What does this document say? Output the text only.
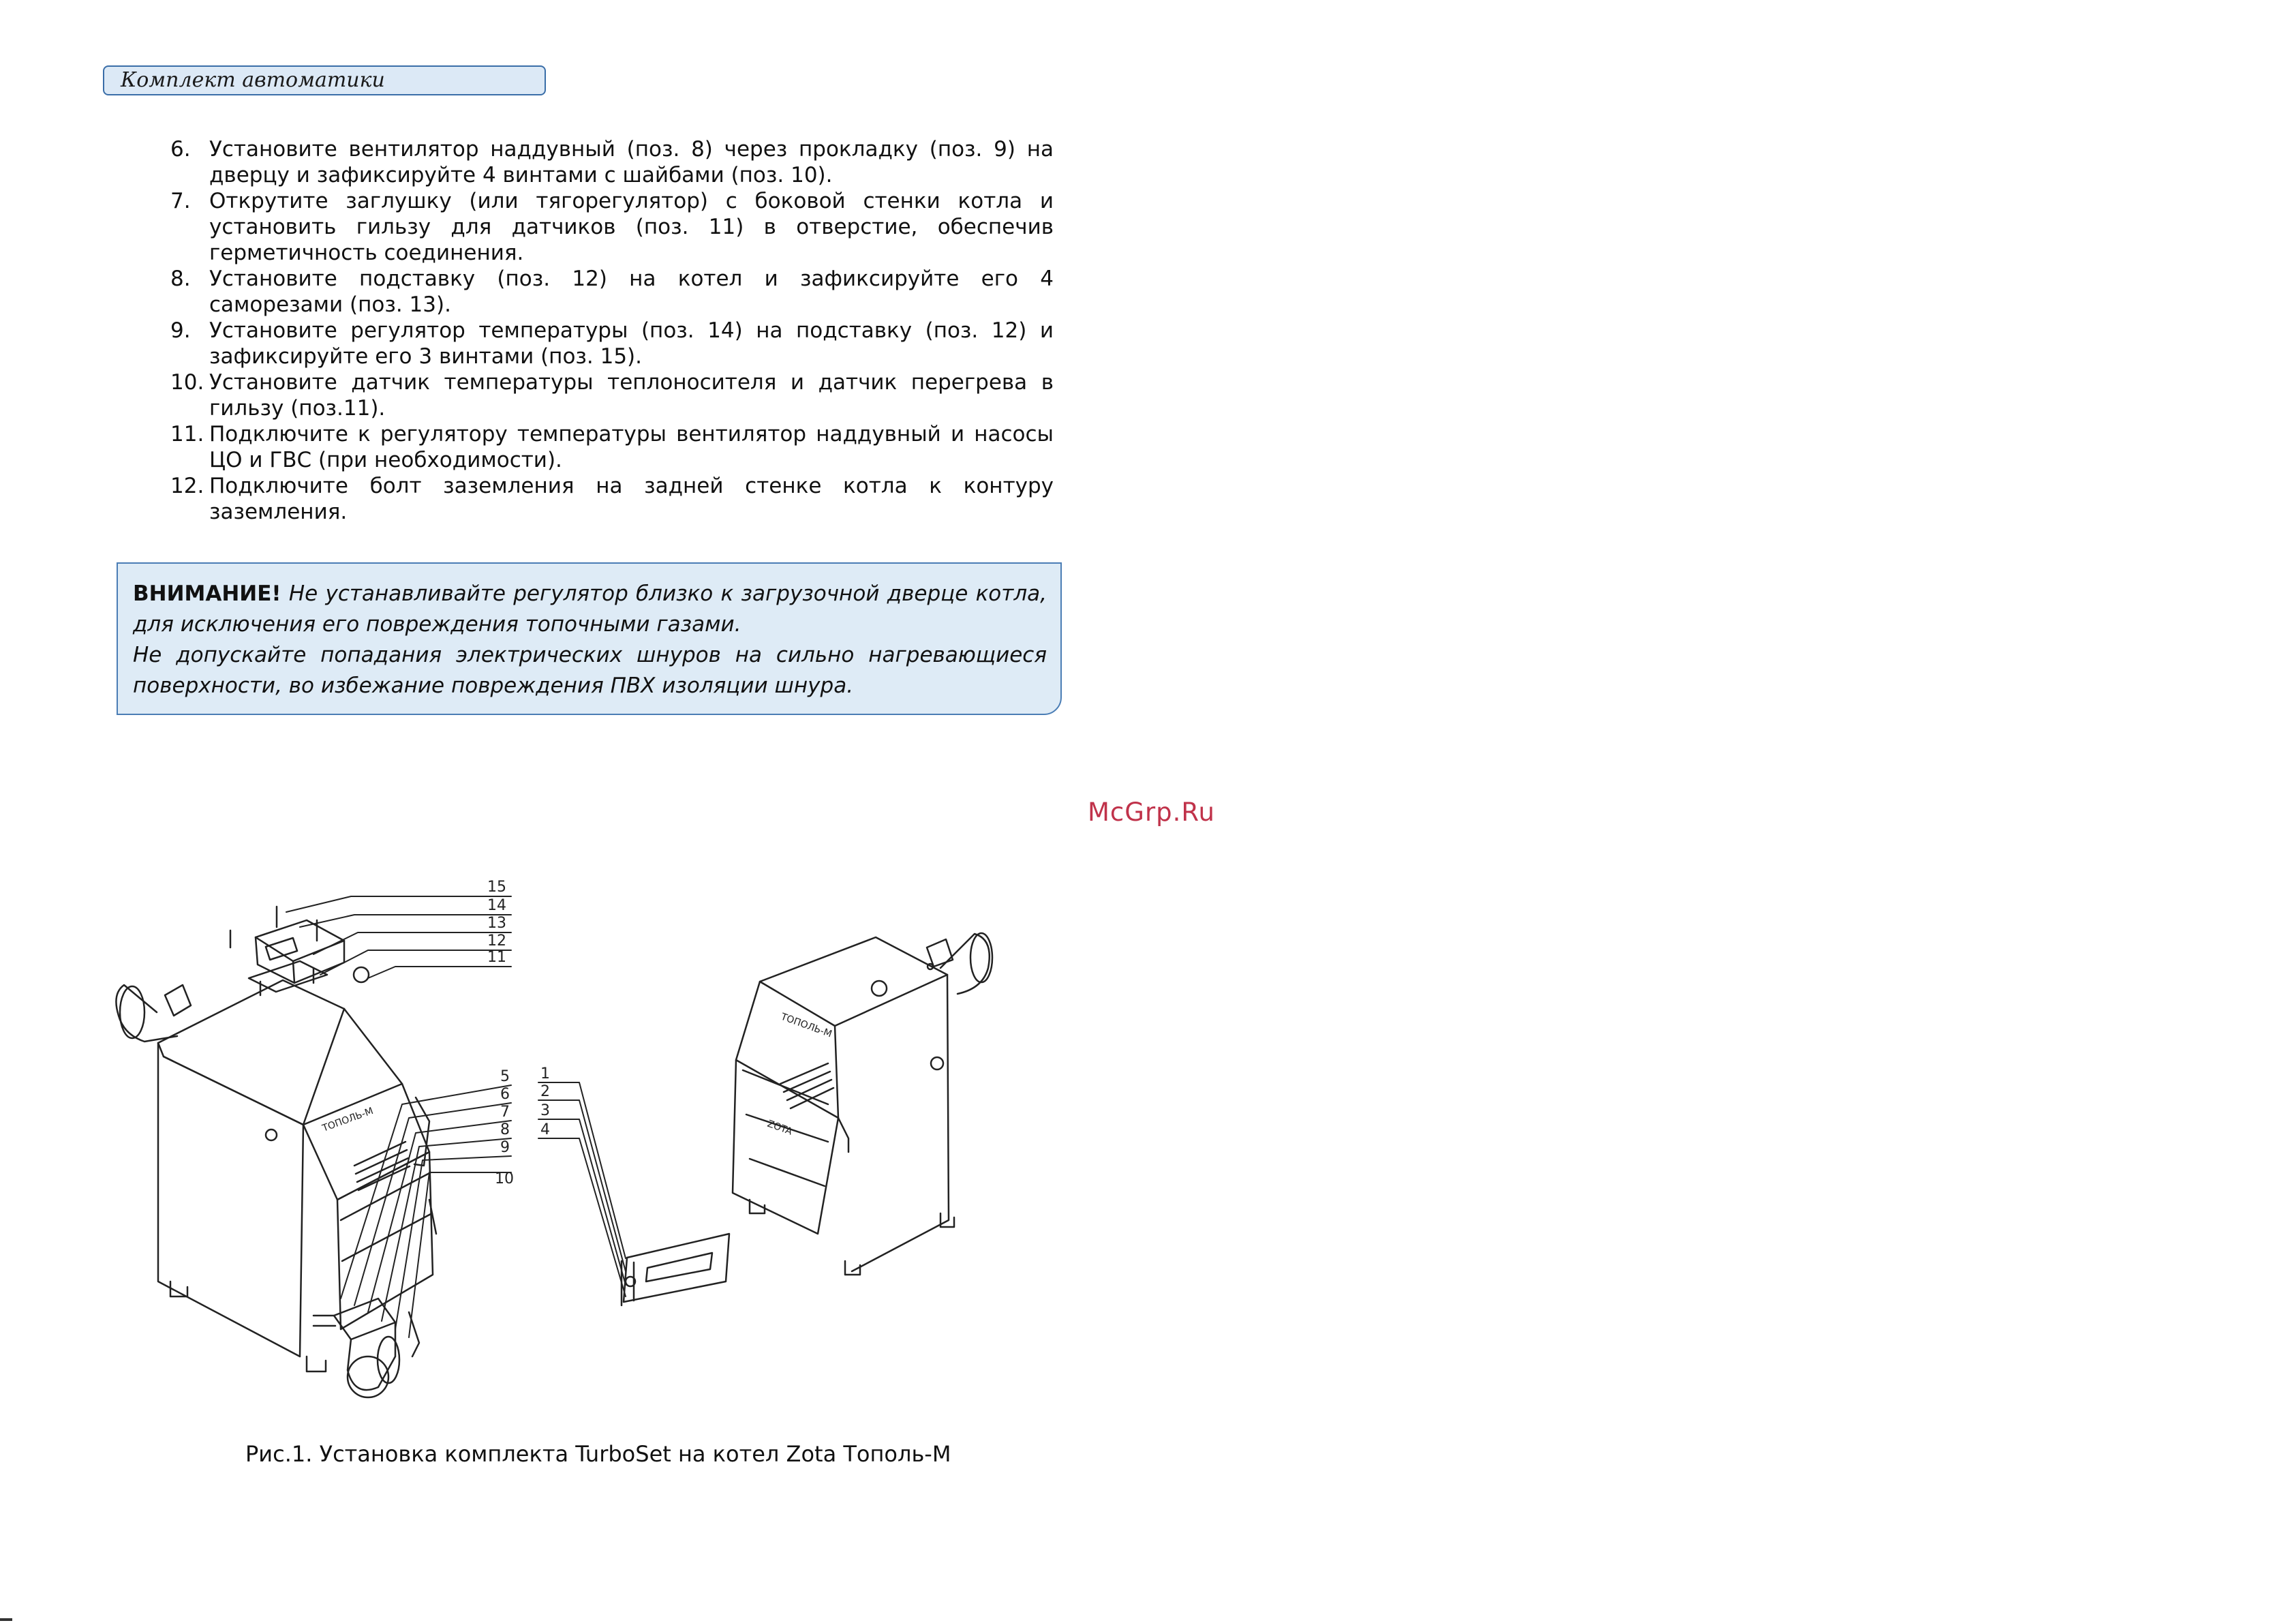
Комплект автоматики
6. Установите вентилятор наддувный (поз. 8) через прокладку (поз. 9) на дверцу и зафиксируйте 4 винтами с шайбами (поз. 10).
7. Открутите заглушку (или тягорегулятор) с боковой стенки котла и установить гильзу для датчиков (поз. 11) в отверстие, обеспечив герметичность соединения.
8. Установите подставку (поз. 12) на котел и зафиксируйте его 4 саморезами (поз. 13).
9. Установите регулятор температуры (поз. 14) на подставку (поз. 12) и зафиксируйте его 3 винтами (поз. 15).
10. Установите датчик температуры теплоносителя и датчик перегрева в гильзу (поз.11).
11. Подключите к регулятору температуры вентилятор наддувный и насосы ЦО и ГВС (при необходимости).
12. Подключите болт заземления на задней стенке котла к контуру заземления.
ВНИМАНИЕ! Не устанавливайте регулятор близко к загрузочной дверце котла, для исключения его повреждения топочными газами.
Не допускайте попадания электрических шнуров на сильно нагревающиеся поверхности, во избежание повреждения ПВХ изоляции шнура.
McGrp.Ru
ТОПОЛЬ-М
ТОПОЛЬ-М
ZOTA
15
14
13
12
11
5
6
7
8
9
10
1
2
3
4
Рис.1. Установка комплекта TurboSet на котел Zota Тополь-М
